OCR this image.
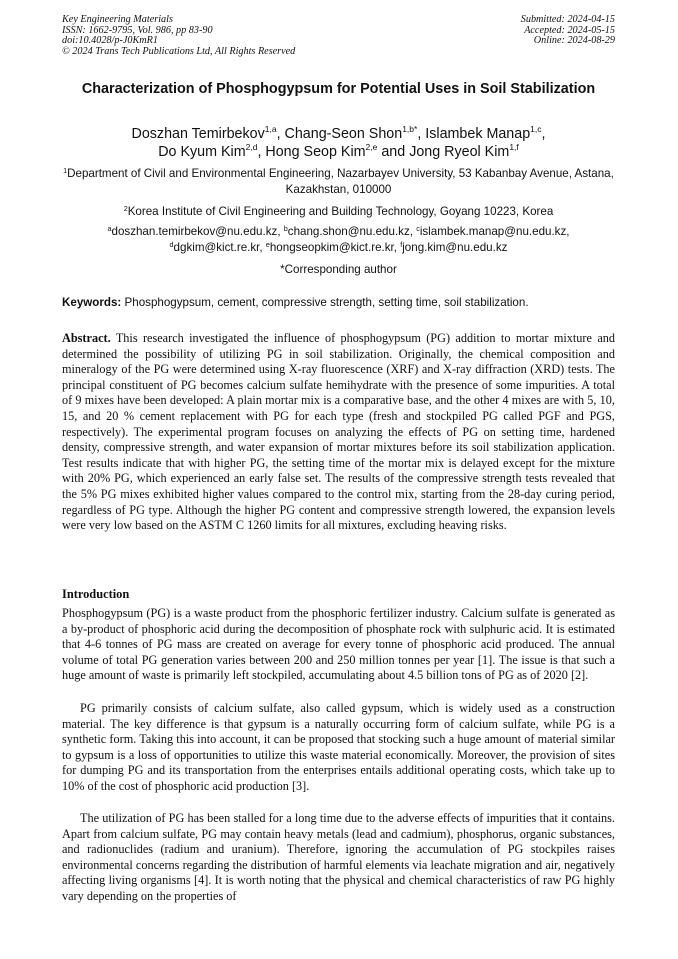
Key Engineering Materials
ISSN: 1662-9795, Vol. 986, pp 83-90
doi:10.4028/p-J0KmR1
© 2024 Trans Tech Publications Ltd, All Rights Reserved
Submitted: 2024-04-15
Accepted: 2024-05-15
Online: 2024-08-29
Characterization of Phosphogypsum for Potential Uses in Soil Stabilization
Doszhan Temirbekov$^{1,a}$, Chang-Seon Shon$^{1,b*}$, Islambek Manap$^{1,c}$,
Do Kyum Kim$^{2,d}$, Hong Seop Kim$^{2,e}$ and Jong Ryeol Kim$^{1,f}$
$^1$Department of Civil and Environmental Engineering, Nazarbayev University, 53 Kabanbay Avenue, Astana, Kazakhstan, 010000
$^2$Korea Institute of Civil Engineering and Building Technology, Goyang 10223, Korea
$^a$doszhan.temirbekov@nu.edu.kz, $^b$chang.shon@nu.edu.kz, $^c$islambek.manap@nu.edu.kz,
$^d$dgkim@kict.re.kr, $^e$hongseopkim@kict.re.kr, $^f$jong.kim@nu.edu.kz
*Corresponding author
Keywords: Phosphogypsum, cement, compressive strength, setting time, soil stabilization.
Abstract. This research investigated the influence of phosphogypsum (PG) addition to mortar mixture and determined the possibility of utilizing PG in soil stabilization. Originally, the chemical composition and mineralogy of the PG were determined using X-ray fluorescence (XRF) and X-ray diffraction (XRD) tests. The principal constituent of PG becomes calcium sulfate hemihydrate with the presence of some impurities. A total of 9 mixes have been developed: A plain mortar mix is a comparative base, and the other 4 mixes are with 5, 10, 15, and 20 % cement replacement with PG for each type (fresh and stockpiled PG called PGF and PGS, respectively). The experimental program focuses on analyzing the effects of PG on setting time, hardened density, compressive strength, and water expansion of mortar mixtures before its soil stabilization application. Test results indicate that with higher PG, the setting time of the mortar mix is delayed except for the mixture with 20% PG, which experienced an early false set. The results of the compressive strength tests revealed that the 5% PG mixes exhibited higher values compared to the control mix, starting from the 28-day curing period, regardless of PG type. Although the higher PG content and compressive strength lowered, the expansion levels were very low based on the ASTM C 1260 limits for all mixtures, excluding heaving risks.
Introduction
Phosphogypsum (PG) is a waste product from the phosphoric fertilizer industry. Calcium sulfate is generated as a by-product of phosphoric acid during the decomposition of phosphate rock with sulphuric acid. It is estimated that 4-6 tonnes of PG mass are created on average for every tonne of phosphoric acid produced. The annual volume of total PG generation varies between 200 and 250 million tonnes per year [1]. The issue is that such a huge amount of waste is primarily left stockpiled, accumulating about 4.5 billion tons of PG as of 2020 [2].
PG primarily consists of calcium sulfate, also called gypsum, which is widely used as a construction material. The key difference is that gypsum is a naturally occurring form of calcium sulfate, while PG is a synthetic form. Taking this into account, it can be proposed that stocking such a huge amount of material similar to gypsum is a loss of opportunities to utilize this waste material economically. Moreover, the provision of sites for dumping PG and its transportation from the enterprises entails additional operating costs, which take up to 10% of the cost of phosphoric acid production [3].
The utilization of PG has been stalled for a long time due to the adverse effects of impurities that it contains. Apart from calcium sulfate, PG may contain heavy metals (lead and cadmium), phosphorus, organic substances, and radionuclides (radium and uranium). Therefore, ignoring the accumulation of PG stockpiles raises environmental concerns regarding the distribution of harmful elements via leachate migration and air, negatively affecting living organisms [4]. It is worth noting that the physical and chemical characteristics of raw PG highly vary depending on the properties of
